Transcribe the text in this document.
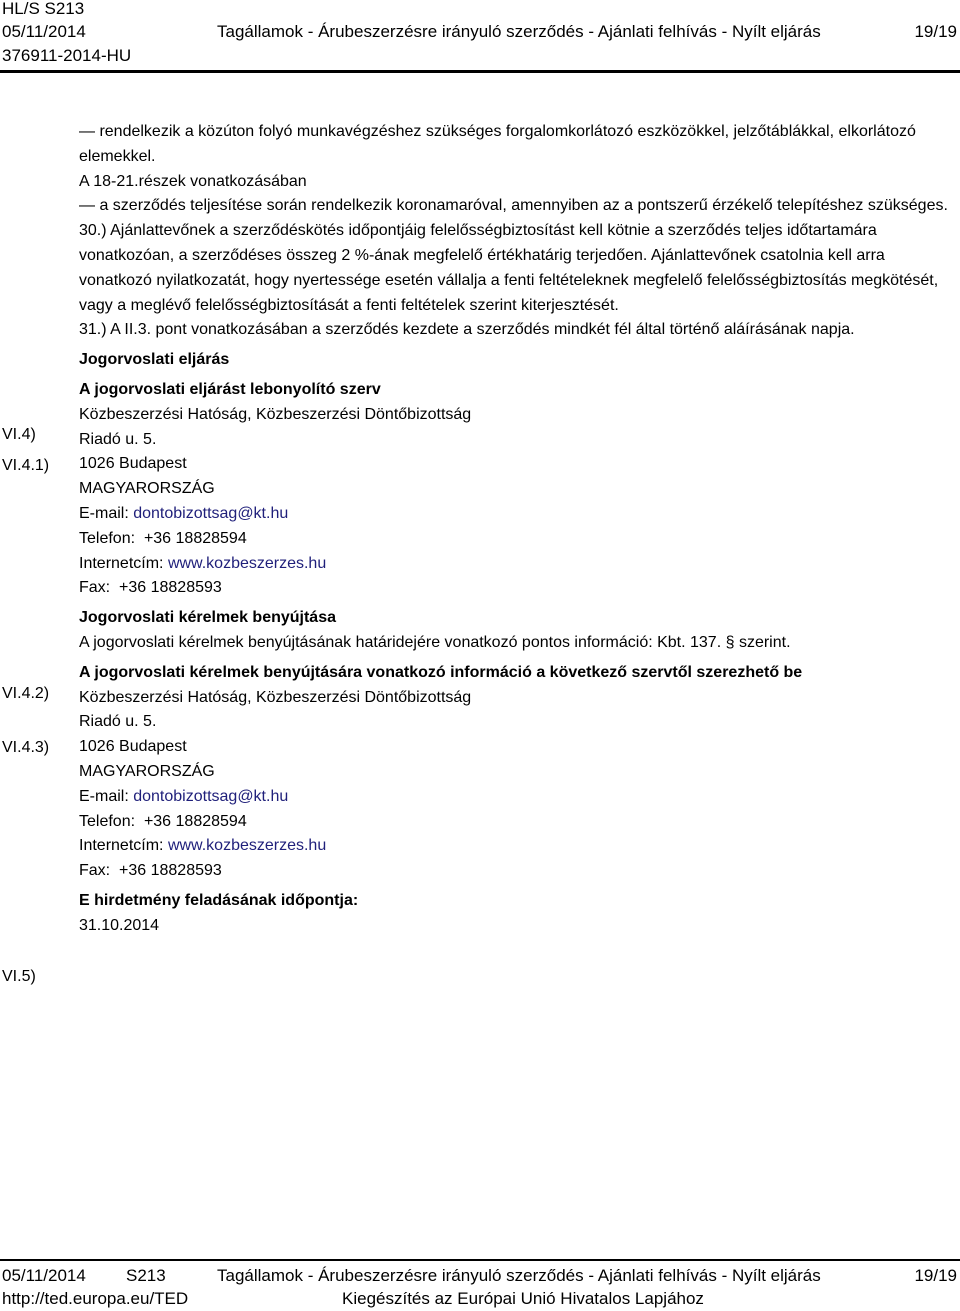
HL/S S213
05/11/2014	Tagállamok - Árubeszerzésre irányuló szerződés - Ajánlati felhívás - Nyílt eljárás	19/19
376911-2014-HU
VI.4)
VI.4.1)
VI.4.2)
VI.4.3)
VI.5)

— rendelkezik a közúton folyó munkavégzéshez szükséges forgalomkorlátozó eszközökkel, jelzőtáblákkal, elkorlátozó elemekkel.

A 18-21.részek vonatkozásában

— a szerződés teljesítése során rendelkezik koronamaróval, amennyiben az a pontszerű érzékelő telepítéshez szükséges.

30.) Ajánlattevőnek a szerződéskötés időpontjáig felelősségbiztosítást kell kötnie a szerződés teljes időtartamára vonatkozóan, a szerződéses összeg 2 %-ának megfelelő értékhatárig terjedően. Ajánlattevőnek csatolnia kell arra vonatkozó nyilatkozatát, hogy nyertessége esetén vállalja a fenti feltételeknek megfelelő felelősségbiztosítás megkötését, vagy a meglévő felelősségbiztosítását a fenti feltételek szerint kiterjesztését.

31.) A II.3. pont vonatkozásában a szerződés kezdete a szerződés mindkét fél által történő aláírásának napja.

Jogorvoslati eljárás

A jogorvoslati eljárást lebonyolító szerv

Közbeszerzési Hatóság, Közbeszerzési Döntőbizottság

Riadó u. 5.

1026 Budapest

MAGYARORSZÁG

E-mail: dontobizottsag@kt.hu

Telefon: +36 18828594

Internetcím: www.kozbeszerzes.hu

Fax: +36 18828593

Jogorvoslati kérelmek benyújtása

A jogorvoslati kérelmek benyújtásának határidejére vonatkozó pontos információ: Kbt. 137. § szerint.

A jogorvoslati kérelmek benyújtására vonatkozó információ a következő szervtől szerezhető be

Közbeszerzési Hatóság, Közbeszerzési Döntőbizottság

Riadó u. 5.

1026 Budapest

MAGYARORSZÁG

E-mail: dontobizottsag@kt.hu

Telefon: +36 18828594

Internetcím: www.kozbeszerzes.hu

Fax: +36 18828593

E hirdetmény feladásának időpontja:

31.10.2014

05/11/2014 S213	Tagállamok - Árubeszerzésre irányuló szerződés - Ajánlati felhívás - Nyílt eljárás	19/19
http://ted.europa.eu/TED	Kiegészítés az Európai Unió Hivatalos Lapjához
